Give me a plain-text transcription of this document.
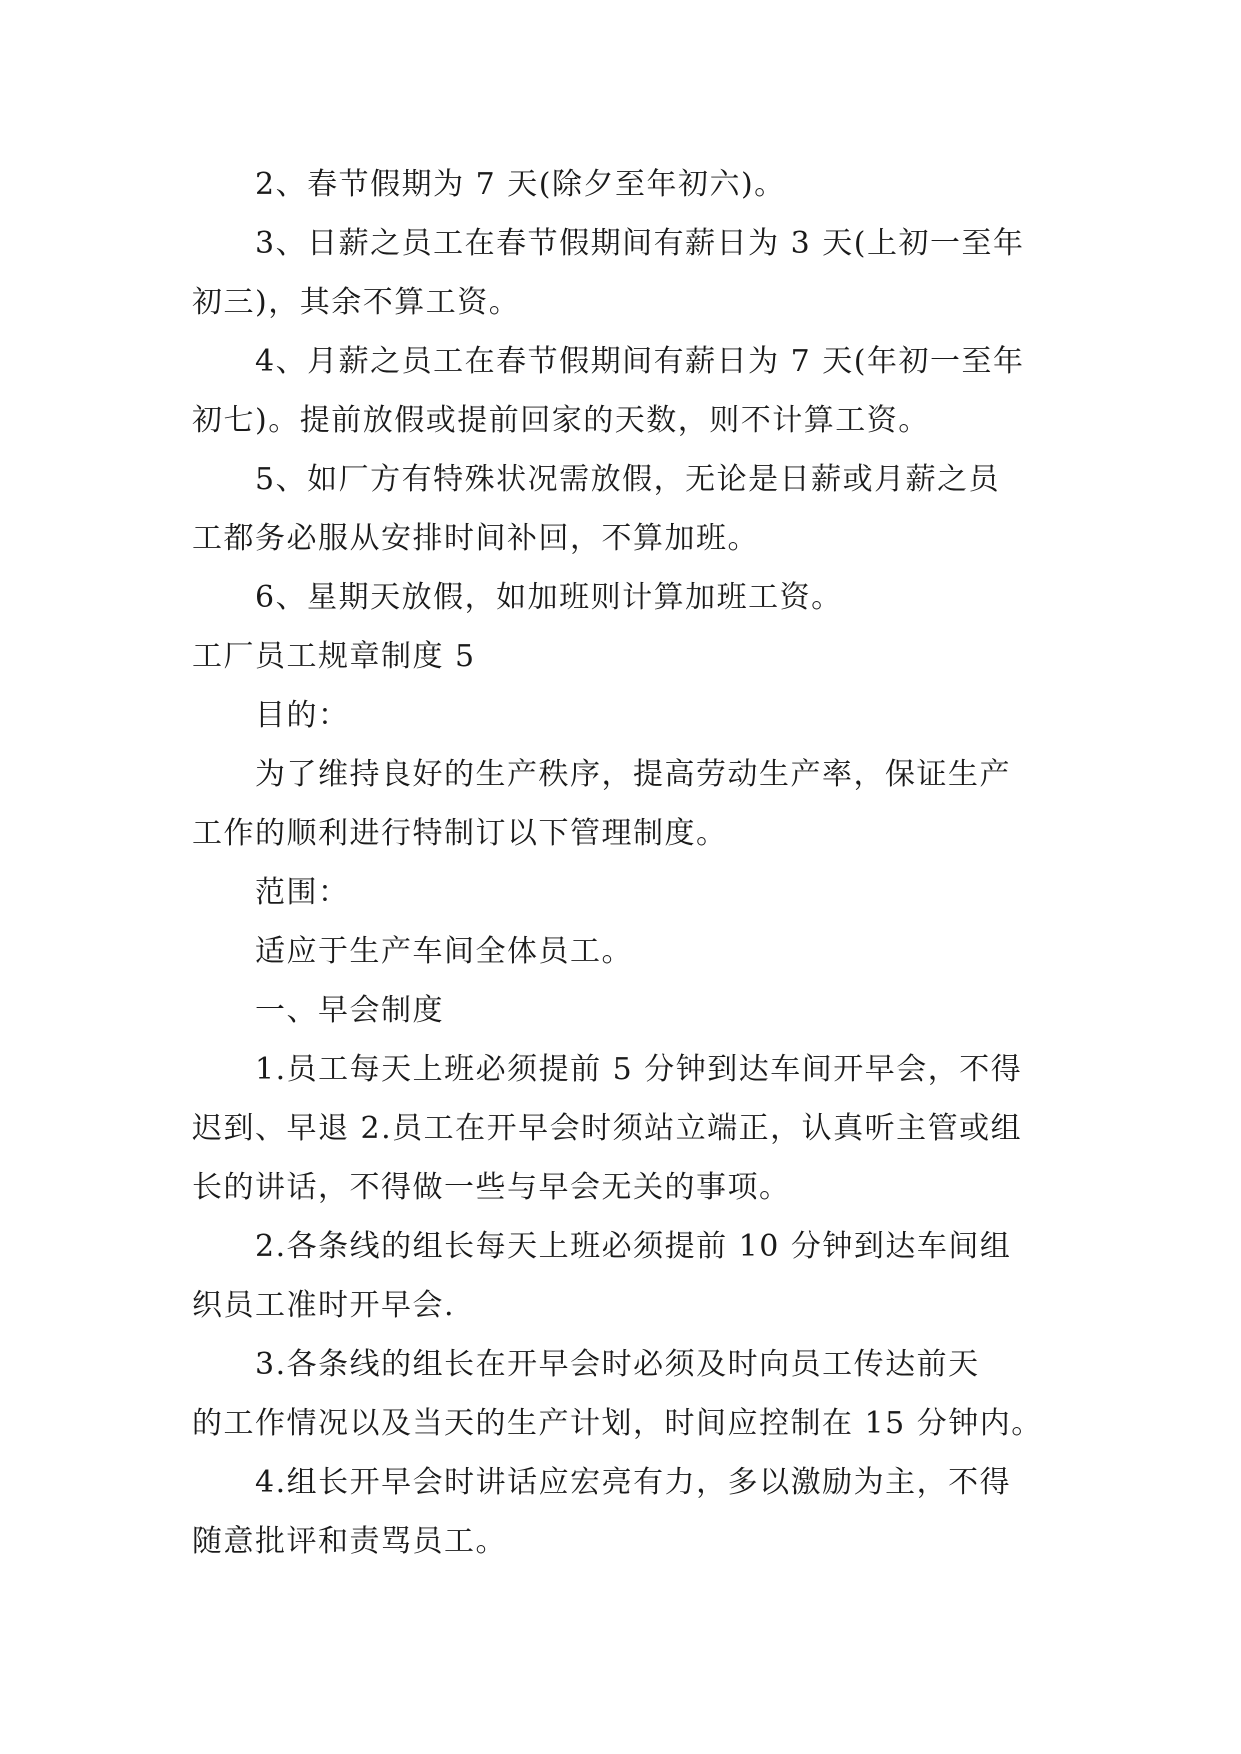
2、春节假期为 7 天(除夕至年初六)。

3、日薪之员工在春节假期间有薪日为 3 天(上初一至年

初三)，其余不算工资。

4、月薪之员工在春节假期间有薪日为 7 天(年初一至年

初七)。提前放假或提前回家的天数，则不计算工资。

5、如厂方有特殊状况需放假，无论是日薪或月薪之员

工都务必服从安排时间补回，不算加班。

6、星期天放假，如加班则计算加班工资。

工厂员工规章制度 5

目的：

为了维持良好的生产秩序，提高劳动生产率，保证生产

工作的顺利进行特制订以下管理制度。

范围：

适应于生产车间全体员工。

一、早会制度

1.员工每天上班必须提前 5 分钟到达车间开早会，不得

迟到、早退 2.员工在开早会时须站立端正，认真听主管或组

长的讲话，不得做一些与早会无关的事项。

2.各条线的组长每天上班必须提前 10 分钟到达车间组

织员工准时开早会.

3.各条线的组长在开早会时必须及时向员工传达前天

的工作情况以及当天的生产计划，时间应控制在 15 分钟内。

4.组长开早会时讲话应宏亮有力，多以激励为主，不得

随意批评和责骂员工。
